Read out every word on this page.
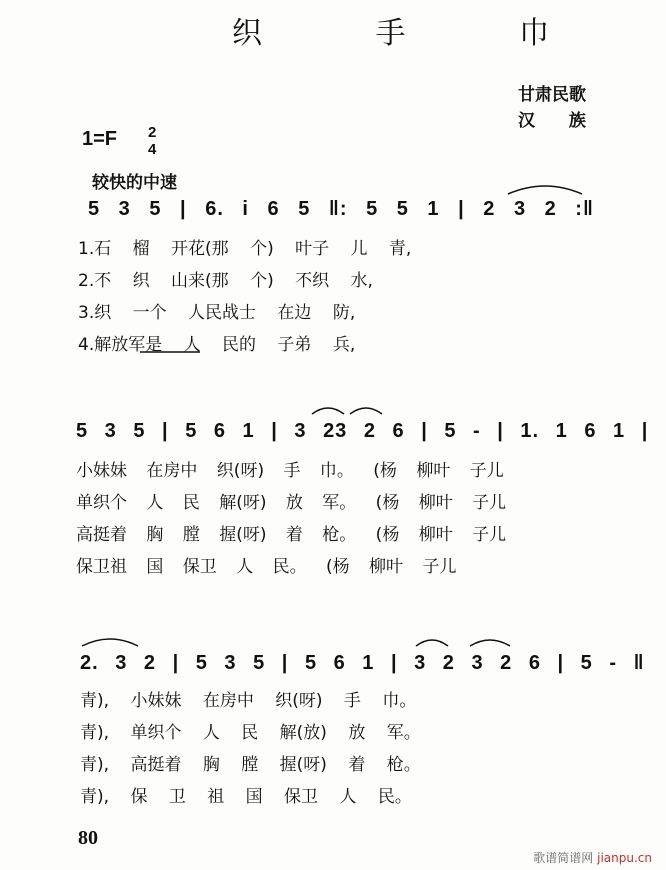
织 手 巾
甘肃民歌
汉 族
1=F 2
4
较快的中速
5 3 5 | 6. i 6 5 ‖: 5 5 1 | 2 3 2 :‖
1.石 榴 开花(那 个) 叶子 儿 青,
2.不 织 山来(那 个) 不织 水,
3.织 一个 人民战士 在边 防,
4.解放军是 人 民的 子弟 兵,
5 3 5 | 5 6 1 | 3 23 2 6 | 5 - | 1. 1 6 1 |
小妹妹 在房中 织(呀) 手 巾。 (杨 柳叶 子儿
单织个 人 民 解(呀) 放 军。 (杨 柳叶 子儿
高挺着 胸 膛 握(呀) 着 枪。 (杨 柳叶 子儿
保卫祖 国 保卫 人 民。 (杨 柳叶 子儿
2. 3 2 | 5 3 5 | 5 6 1 | 3 2 3 2 6 | 5 - ‖
青), 小妹妹 在房中 织(呀) 手 巾。
青), 单织个 人 民 解(放) 放 军。
青), 高挺着 胸 膛 握(呀) 着 枪。
青), 保 卫 祖 国 保卫 人 民。
80
歌谱简谱网 jianpu.cn
